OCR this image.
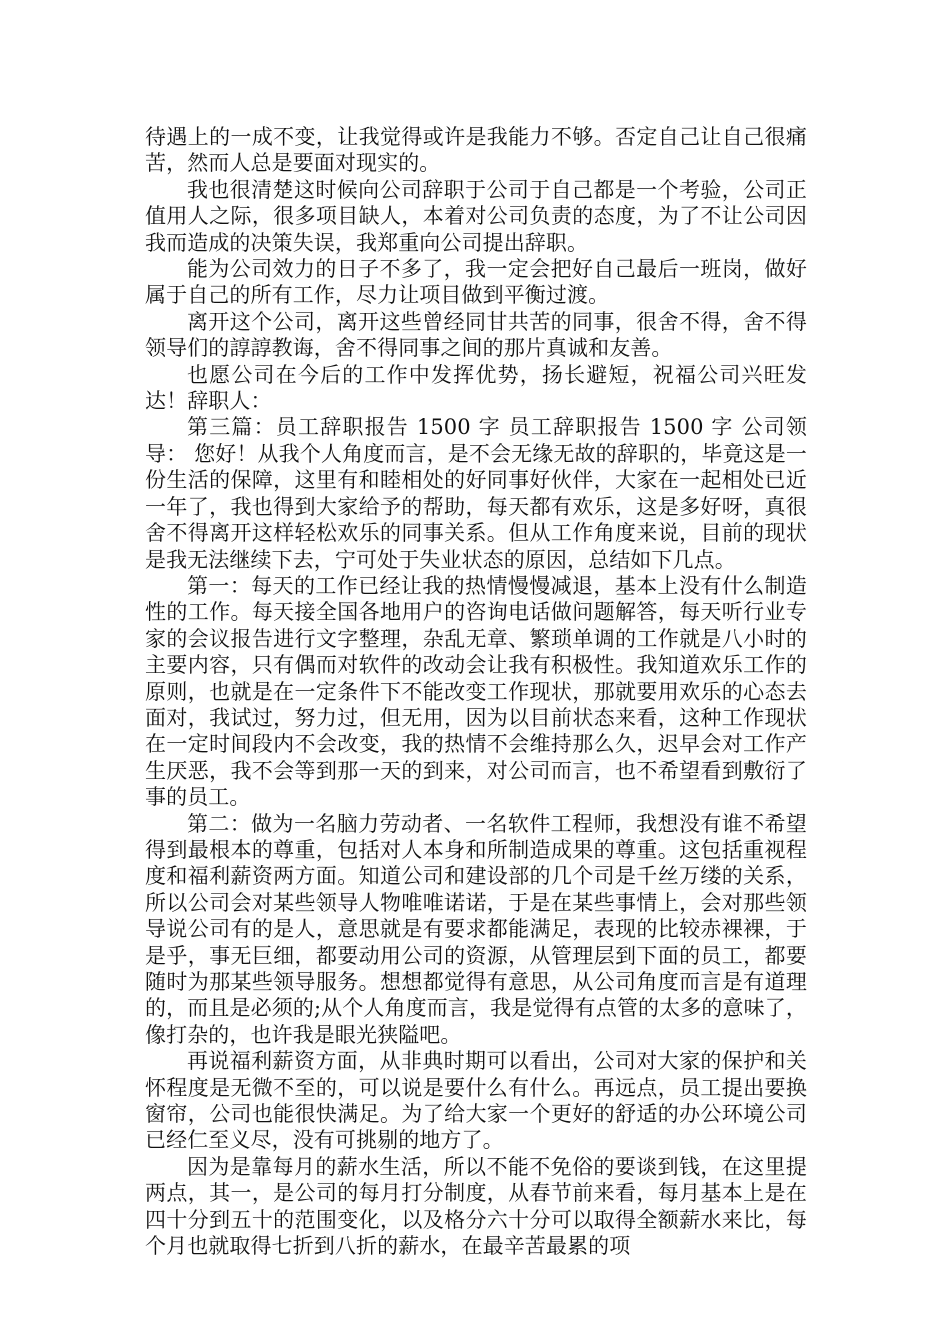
待遇上的一成不变，让我觉得或许是我能力不够。否定自己让自己很痛苦，然而人总是要面对现实的。

我也很清楚这时候向公司辞职于公司于自己都是一个考验，公司正值用人之际，很多项目缺人，本着对公司负责的态度，为了不让公司因我而造成的决策失误，我郑重向公司提出辞职。

能为公司效力的日子不多了，我一定会把好自己最后一班岗，做好属于自己的所有工作，尽力让项目做到平衡过渡。

离开这个公司，离开这些曾经同甘共苦的同事，很舍不得，舍不得领导们的諄諄教诲，舍不得同事之间的那片真诚和友善。

也愿公司在今后的工作中发挥优势，扬长避短，祝福公司兴旺发达！辞职人：

第三篇：员工辞职报告 1500 字 员工辞职报告 1500 字 公司领导： 您好！从我个人角度而言，是不会无缘无故的辞职的，毕竟这是一份生活的保障，这里有和睦相处的好同事好伙伴，大家在一起相处已近一年了，我也得到大家给予的帮助，每天都有欢乐，这是多好呀，真很舍不得离开这样轻松欢乐的同事关系。但从工作角度来说，目前的现状是我无法继续下去，宁可处于失业状态的原因，总结如下几点。

第一：每天的工作已经让我的热情慢慢减退，基本上没有什么制造性的工作。每天接全国各地用户的咨询电话做问题解答，每天听行业专家的会议报告进行文字整理，杂乱无章、繁琐单调的工作就是八小时的主要内容，只有偶而对软件的改动会让我有积极性。我知道欢乐工作的原则，也就是在一定条件下不能改变工作现状，那就要用欢乐的心态去面对，我试过，努力过，但无用，因为以目前状态来看，这种工作现状在一定时间段内不会改变，我的热情不会维持那么久，迟早会对工作产生厌恶，我不会等到那一天的到来，对公司而言，也不希望看到敷衍了事的员工。

第二：做为一名脑力劳动者、一名软件工程师，我想没有谁不希望得到最根本的尊重，包括对人本身和所制造成果的尊重。这包括重视程度和福利薪资两方面。知道公司和建设部的几个司是千丝万缕的关系，所以公司会对某些领导人物唯唯诺诺，于是在某些事情上，会对那些领导说公司有的是人，意思就是有要求都能满足，表现的比较赤裸裸，于是乎，事无巨细，都要动用公司的资源，从管理层到下面的员工，都要随时为那某些领导服务。想想都觉得有意思，从公司角度而言是有道理的，而且是必须的;从个人角度而言，我是觉得有点管的太多的意味了，像打杂的，也许我是眼光狭隘吧。

再说福利薪资方面，从非典时期可以看出，公司对大家的保护和关怀程度是无微不至的，可以说是要什么有什么。再远点，员工提出要换窗帘，公司也能很快满足。为了给大家一个更好的舒适的办公环境公司已经仁至义尽，没有可挑剔的地方了。

因为是靠每月的薪水生活，所以不能不免俗的要谈到钱，在这里提两点，其一，是公司的每月打分制度，从春节前来看，每月基本上是在四十分到五十的范围变化，以及格分六十分可以取得全额薪水来比，每个月也就取得七折到八折的薪水，在最辛苦最累的项
